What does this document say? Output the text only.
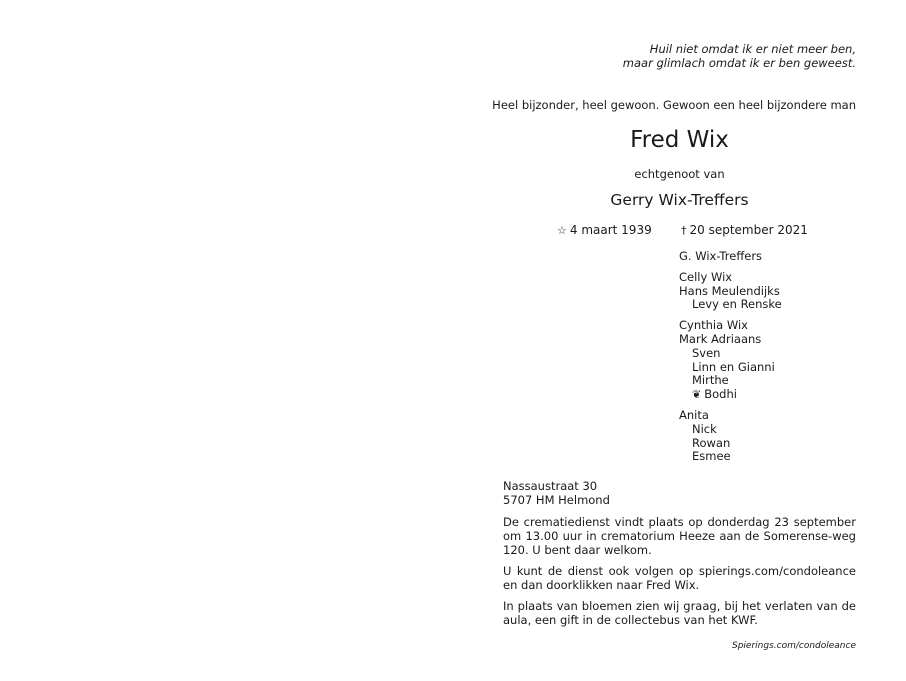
Huil niet omdat ik er niet meer ben,
maar glimlach omdat ik er ben geweest.
Heel bijzonder, heel gewoon. Gewoon een heel bijzondere man
Fred Wix
echtgenoot van
Gerry Wix-Treffers
☆ 4 maart 1939	† 20 september 2021
G. Wix-Treffers
Celly Wix
Hans Meulendijks
Levy en Renske
Cynthia Wix
Mark Adriaans
Sven
Linn en Gianni
Mirthe
❦ Bodhi
Anita
Nick
Rowan
Esmee
Nassaustraat 30
5707 HM Helmond
De crematiedienst vindt plaats op donderdag 23 september om 13.00 uur in crematorium Heeze aan de Somerense-weg 120. U bent daar welkom.
U kunt de dienst ook volgen op spierings.com/condoleance en dan doorklikken naar Fred Wix.
In plaats van bloemen zien wij graag, bij het verlaten van de aula, een gift in de collectebus van het KWF.
Spierings.com/condoleance
